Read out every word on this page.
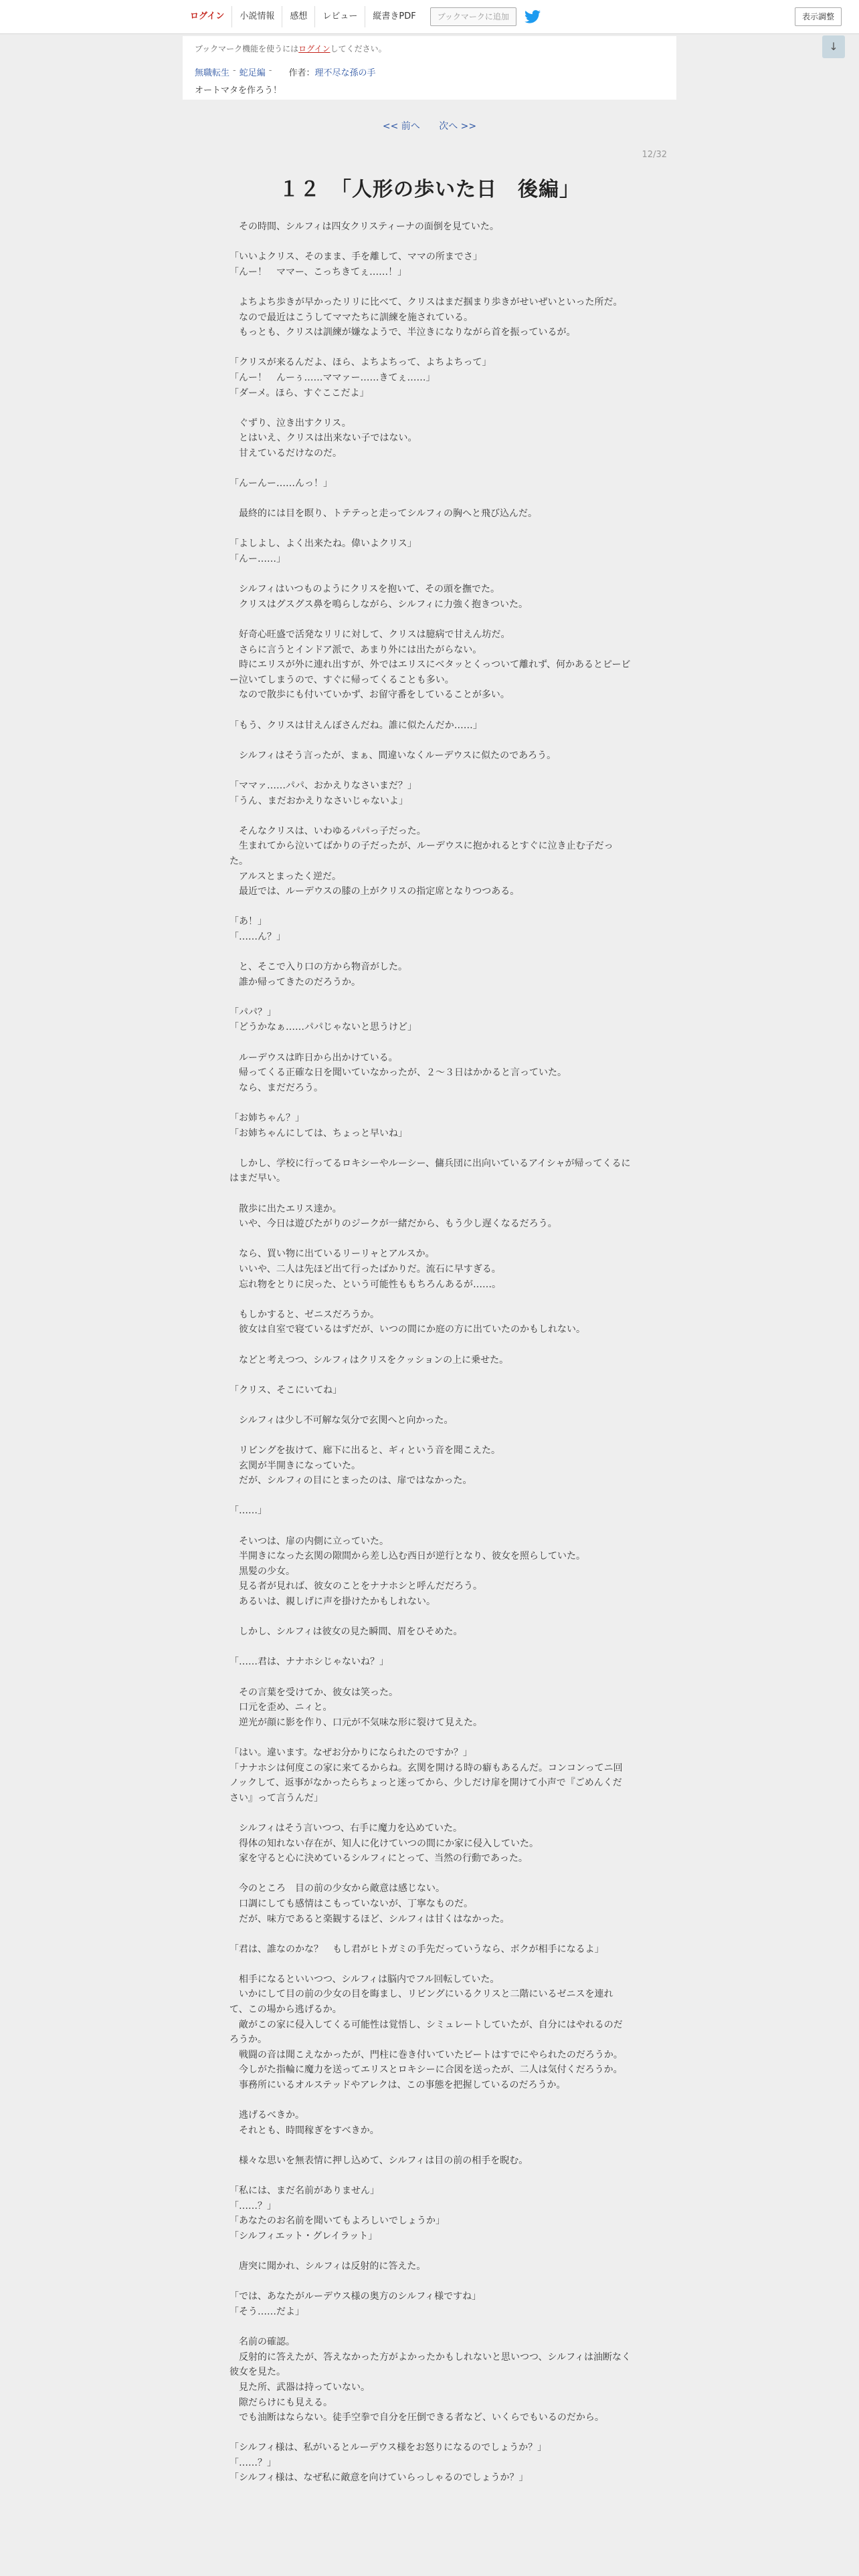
ログイン	小説情報	感想	レビュー	縦書きPDF	ブックマークに追加	表示調整
↓
ブックマーク機能を使うにはログインしてください。
無職転生 - 蛇足編 - 作者： 理不尽な孫の手
オートマタを作ろう！
<< 前へ 次へ >>
12/32
１２　「人形の歩いた日　後編」

　その時間、シルフィは四女クリスティーナの面倒を見ていた。

「いいよクリス、そのまま、手を離して、ママの所までさ」

「んー！　ママー、こっちきてぇ……！」

　よちよち歩きが早かったリリに比べて、クリスはまだ掴まり歩きがせいぜいといった所だ。

　なので最近はこうしてママたちに訓練を施されている。

　もっとも、クリスは訓練が嫌なようで、半泣きになりながら首を振っているが。

「クリスが来るんだよ、ほら、よちよちって、よちよちって」

「んー！　んーぅ……ママァー……きてぇ……」

「ダーメ。ほら、すぐここだよ」

　ぐずり、泣き出すクリス。

　とはいえ、クリスは出来ない子ではない。

　甘えているだけなのだ。

「んーんー……んっ！」

　最終的には目を瞑り、トテテっと走ってシルフィの胸へと飛び込んだ。

「よしよし、よく出来たね。偉いよクリス」

「んー……」

　シルフィはいつものようにクリスを抱いて、その頭を撫でた。

　クリスはグスグス鼻を鳴らしながら、シルフィに力強く抱きついた。

　好奇心旺盛で活発なリリに対して、クリスは臆病で甘えん坊だ。

　さらに言うとインドア派で、あまり外には出たがらない。

　時にエリスが外に連れ出すが、外ではエリスにベタッとくっついて離れず、何かあるとピービー泣いてしまうので、すぐに帰ってくることも多い。

　なので散歩にも付いていかず、お留守番をしていることが多い。

「もう、クリスは甘えんぼさんだね。誰に似たんだか……」

　シルフィはそう言ったが、まぁ、間違いなくルーデウスに似たのであろう。

「ママァ……パパ、おかえりなさいまだ？」

「うん、まだおかえりなさいじゃないよ」

　そんなクリスは、いわゆるパパっ子だった。

　生まれてから泣いてばかりの子だったが、ルーデウスに抱かれるとすぐに泣き止む子だった。

　アルスとまったく逆だ。

　最近では、ルーデウスの膝の上がクリスの指定席となりつつある。

「あ！」

「……ん？」

　と、そこで入り口の方から物音がした。

　誰か帰ってきたのだろうか。

「パパ？」

「どうかなぁ……パパじゃないと思うけど」

　ルーデウスは昨日から出かけている。

　帰ってくる正確な日を聞いていなかったが、２～３日はかかると言っていた。

　なら、まだだろう。

「お姉ちゃん？」

「お姉ちゃんにしては、ちょっと早いね」

　しかし、学校に行ってるロキシーやルーシー、傭兵団に出向いているアイシャが帰ってくるにはまだ早い。

　散歩に出たエリス達か。

　いや、今日は遊びたがりのジークが一緒だから、もう少し遅くなるだろう。

　なら、買い物に出ているリーリャとアルスか。

　いいや、二人は先ほど出て行ったばかりだ。流石に早すぎる。

　忘れ物をとりに戻った、という可能性ももちろんあるが……。

　もしかすると、ゼニスだろうか。

　彼女は自室で寝ているはずだが、いつの間にか庭の方に出ていたのかもしれない。

　などと考えつつ、シルフィはクリスをクッションの上に乗せた。

「クリス、そこにいてね」

　シルフィは少し不可解な気分で玄関へと向かった。

　リビングを抜けて、廊下に出ると、ギィという音を聞こえた。

　玄関が半開きになっていた。

　だが、シルフィの目にとまったのは、扉ではなかった。

「……」

　そいつは、扉の内側に立っていた。

　半開きになった玄関の隙間から差し込む西日が逆行となり、彼女を照らしていた。

　黒髪の少女。

　見る者が見れば、彼女のことをナナホシと呼んだだろう。

　あるいは、親しげに声を掛けたかもしれない。

　しかし、シルフィは彼女の見た瞬間、眉をひそめた。

「……君は、ナナホシじゃないね？」

　その言葉を受けてか、彼女は笑った。

　口元を歪め、ニィと。

　逆光が顔に影を作り、口元が不気味な形に裂けて見えた。

「はい。違います。なぜお分かりになられたのですか？」

「ナナホシは何度この家に来てるからね。玄関を開ける時の癖もあるんだ。コンコンってニ回ノックして、返事がなかったらちょっと迷ってから、少しだけ扉を開けて小声で『ごめんください』って言うんだ」

　シルフィはそう言いつつ、右手に魔力を込めていた。

　得体の知れない存在が、知人に化けていつの間にか家に侵入していた。

　家を守ると心に決めているシルフィにとって、当然の行動であった。

　今のところ　目の前の少女から敵意は感じない。

　口調にしても感情はこもっていないが、丁寧なものだ。

　だが、味方であると楽観するほど、シルフィは甘くはなかった。

「君は、誰なのかな？　もし君がヒトガミの手先だっていうなら、ボクが相手になるよ」

　相手になるといいつつ、シルフィは脳内でフル回転していた。

　いかにして目の前の少女の目を晦まし、リビングにいるクリスと二階にいるゼニスを連れて、この場から逃げるか。

　敵がこの家に侵入してくる可能性は覚悟し、シミュレートしていたが、自分にはやれるのだろうか。

　戦闘の音は聞こえなかったが、門柱に巻き付いていたビートはすでにやられたのだろうか。

　今しがた指輪に魔力を送ってエリスとロキシーに合図を送ったが、二人は気付くだろうか。

　事務所にいるオルステッドやアレクは、この事態を把握しているのだろうか。

　逃げるべきか。

　それとも、時間稼ぎをすべきか。

　様々な思いを無表情に押し込めて、シルフィは目の前の相手を睨む。

「私には、まだ名前がありません」

「……？」

「あなたのお名前を聞いてもよろしいでしょうか」

「シルフィエット・グレイラット」

　唐突に聞かれ、シルフィは反射的に答えた。

「では、あなたがルーデウス様の奥方のシルフィ様ですね」

「そう……だよ」

　名前の確認。

　反射的に答えたが、答えなかった方がよかったかもしれないと思いつつ、シルフィは油断なく彼女を見た。

　見た所、武器は持っていない。

　隙だらけにも見える。

　でも油断はならない。徒手空拳で自分を圧倒できる者など、いくらでもいるのだから。

「シルフィ様は、私がいるとルーデウス様をお怒りになるのでしょうか？」

「……？」

「シルフィ様は、なぜ私に敵意を向けていらっしゃるのでしょうか？」
